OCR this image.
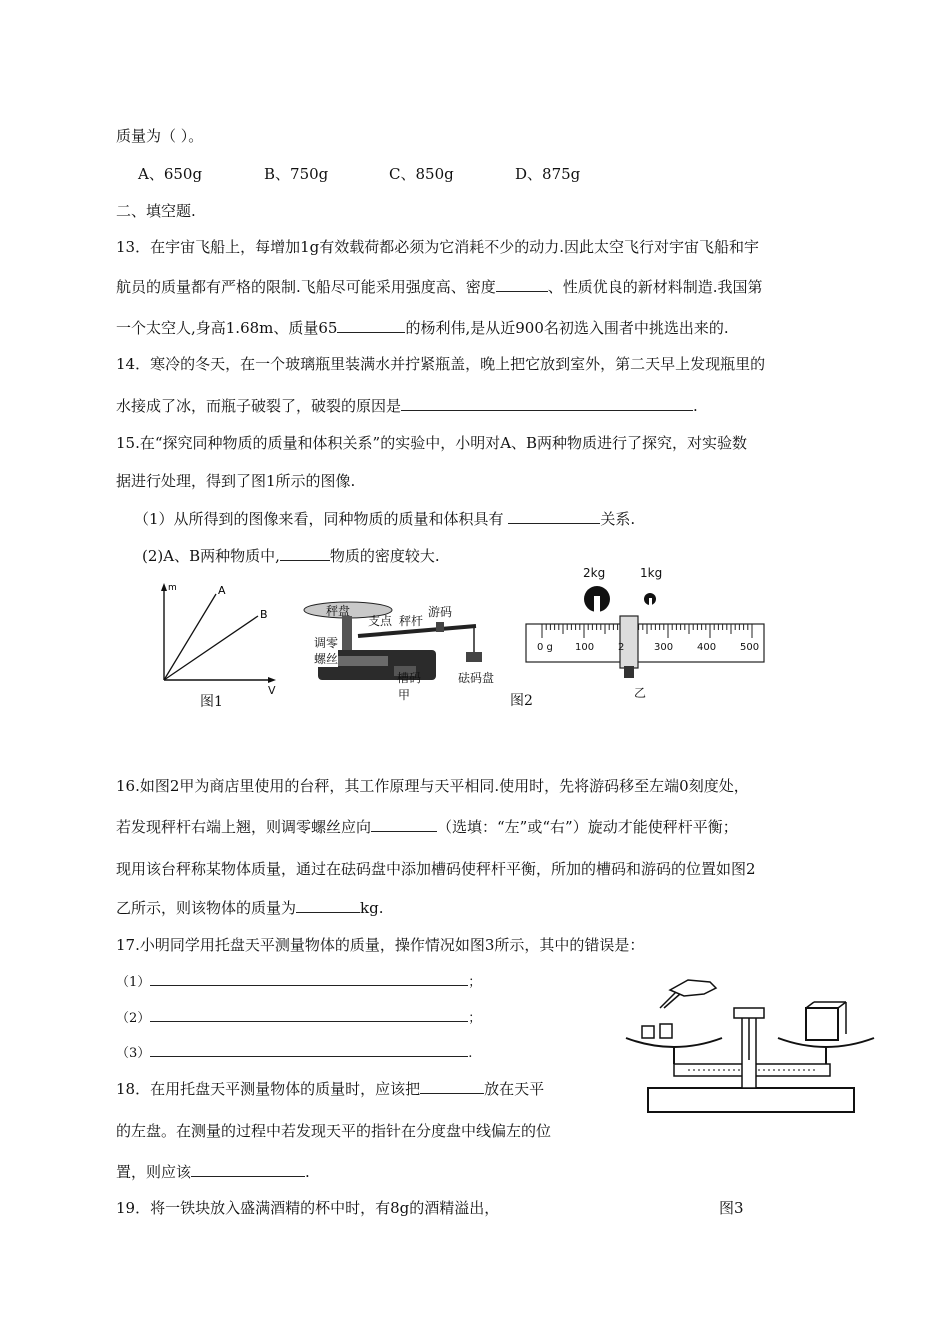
质量为（ ）。
A、650g	B、750g	C、850g	D、875g
二、填空题.
13．在宇宙飞船上，每增加1g有效载荷都必须为它消耗不少的动力.因此太空飞行对宇宙飞船和宇
航员的质量都有严格的限制.飞船尽可能采用强度高、密度	、性质优良的新材料制造.我国第
一个太空人,身高1.68m、质量65	的杨利伟,是从近900名初选入围者中挑选出来的.
14．寒冷的冬天，在一个玻璃瓶里装满水并拧紧瓶盖，晚上把它放到室外，第二天早上发现瓶里的
水接成了冰，而瓶子破裂了，破裂的原因是	.
15.在“探究同种物质的质量和体积关系”的实验中，小明对A、B两种物质进行了探究，对实验数
据进行处理，得到了图1所示的图像.
（1）从所得到的图像来看，同种物质的质量和体积具有	关系.
(2)A、B两种物质中,	物质的密度较大.
m	A
B
图1
V
秤盘
支点 秤杆
游码
调零
螺丝
槽码	砝码盘
甲	图2
2kg	1kg
0 g 100 2	300 400 500
乙
16.如图2甲为商店里使用的台秤，其工作原理与天平相同.使用时，先将游码移至左端0刻度处，
若发现秤杆右端上翘，则调零螺丝应向	（选填：“左”或“右”）旋动才能使秤杆平衡；
现用该台秤称某物体质量，通过在砝码盘中添加槽码使秤杆平衡，所加的槽码和游码的位置如图2
乙所示，则该物体的质量为	kg.
17.小明同学用托盘天平测量物体的质量，操作情况如图3所示，其中的错误是：
（1）	；
（2）	；
（3）	.
图3
18．在用托盘天平测量物体的质量时，应该把	放在天平
的左盘。在测量的过程中若发现天平的指针在分度盘中线偏左的位
置，则应该	.
19．将一铁块放入盛满酒精的杯中时，有8g的酒精溢出，
